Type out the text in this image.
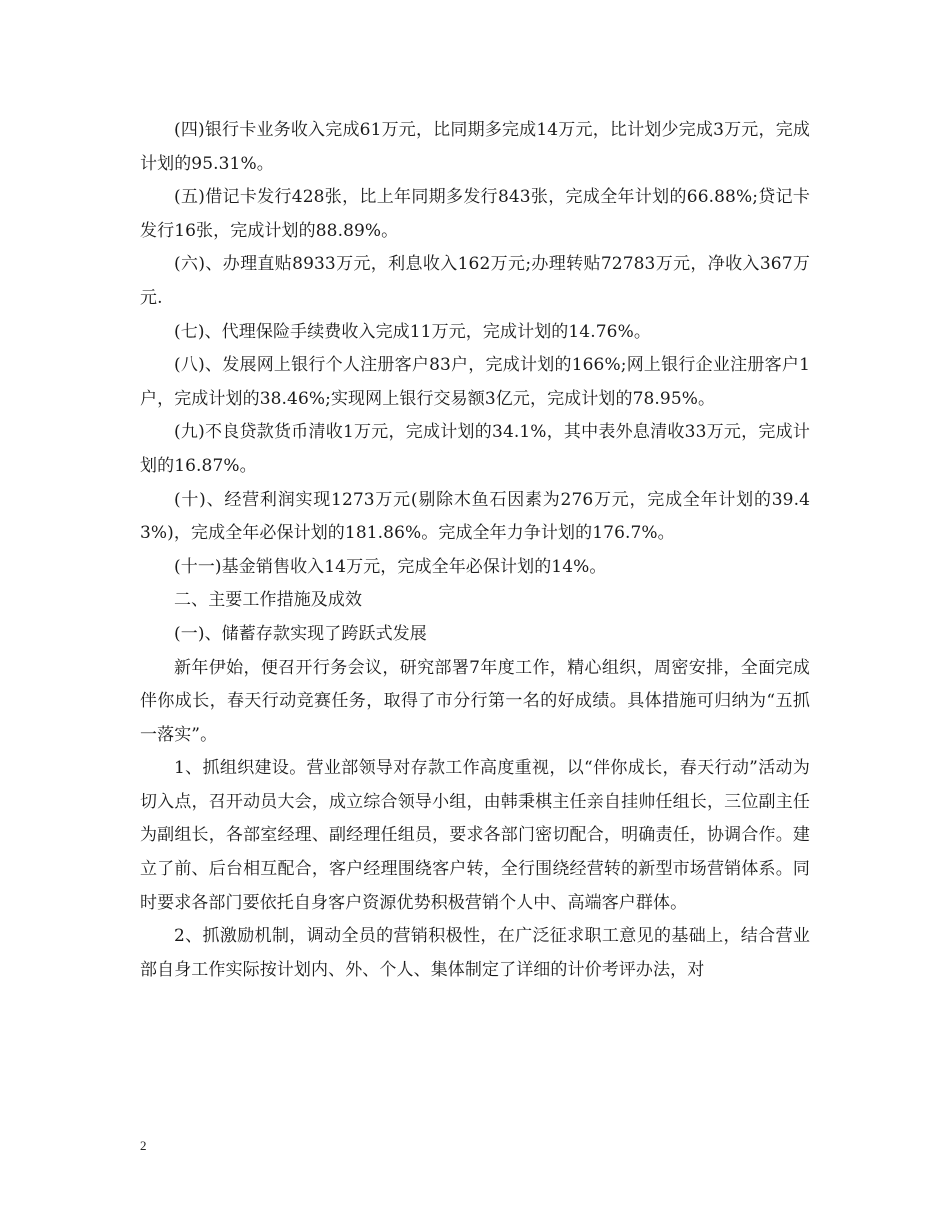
(四)银行卡业务收入完成61万元，比同期多完成14万元，比计划少完成3万元，完成计划的95.31%。

(五)借记卡发行428张，比上年同期多发行843张，完成全年计划的66.88%;贷记卡发行16张，完成计划的88.89%。

(六)、办理直贴8933万元，利息收入162万元;办理转贴72783万元，净收入367万元.

(七)、代理保险手续费收入完成11万元，完成计划的14.76%。

(八)、发展网上银行个人注册客户83户，完成计划的166%;网上银行企业注册客户1户，完成计划的38.46%;实现网上银行交易额3亿元，完成计划的78.95%。

(九)不良贷款货币清收1万元，完成计划的34.1%，其中表外息清收33万元，完成计划的16.87%。

(十)、经营利润实现1273万元(剔除木鱼石因素为276万元，完成全年计划的39.43%)，完成全年必保计划的181.86%。完成全年力争计划的176.7%。

(十一)基金销售收入14万元，完成全年必保计划的14%。

二、主要工作措施及成效

(一)、储蓄存款实现了跨跃式发展

新年伊始，便召开行务会议，研究部署7年度工作，精心组织，周密安排，全面完成伴你成长，春天行动竞赛任务，取得了市分行第一名的好成绩。具体措施可归纳为“五抓一落实”。

1、抓组织建设。营业部领导对存款工作高度重视，以“伴你成长，春天行动”活动为切入点，召开动员大会，成立综合领导小组，由韩秉棋主任亲自挂帅任组长，三位副主任为副组长，各部室经理、副经理任组员，要求各部门密切配合，明确责任，协调合作。建立了前、后台相互配合，客户经理围绕客户转，全行围绕经营转的新型市场营销体系。同时要求各部门要依托自身客户资源优势积极营销个人中、高端客户群体。

2、抓激励机制，调动全员的营销积极性，在广泛征求职工意见的基础上，结合营业部自身工作实际按计划内、外、个人、集体制定了详细的计价考评办法，对

2
